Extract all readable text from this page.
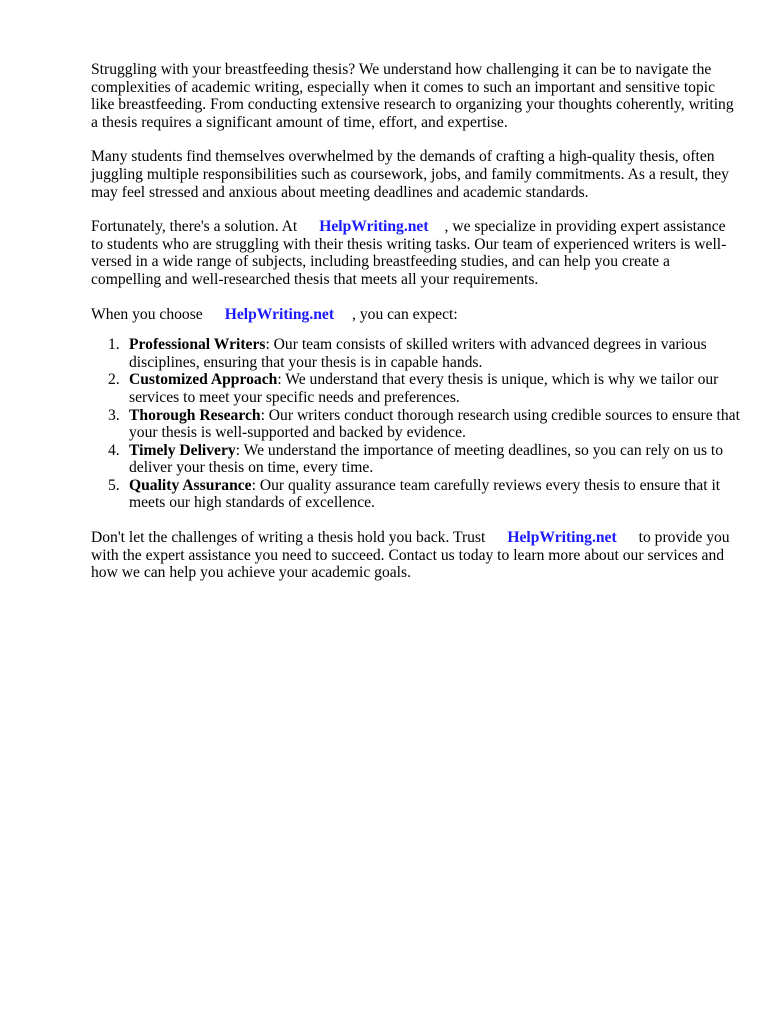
Struggling with your breastfeeding thesis? We understand how challenging it can be to navigate the complexities of academic writing, especially when it comes to such an important and sensitive topic like breastfeeding. From conducting extensive research to organizing your thoughts coherently, writing a thesis requires a significant amount of time, effort, and expertise.

Many students find themselves overwhelmed by the demands of crafting a high-quality thesis, often juggling multiple responsibilities such as coursework, jobs, and family commitments. As a result, they may feel stressed and anxious about meeting deadlines and academic standards.

Fortunately, there's a solution. At HelpWriting.net , we specialize in providing expert assistance to students who are struggling with their thesis writing tasks. Our team of experienced writers is well-versed in a wide range of subjects, including breastfeeding studies, and can help you create a compelling and well-researched thesis that meets all your requirements.

When you choose HelpWriting.net , you can expect:

1. Professional Writers: Our team consists of skilled writers with advanced degrees in various disciplines, ensuring that your thesis is in capable hands.
2. Customized Approach: We understand that every thesis is unique, which is why we tailor our services to meet your specific needs and preferences.
3. Thorough Research: Our writers conduct thorough research using credible sources to ensure that your thesis is well-supported and backed by evidence.
4. Timely Delivery: We understand the importance of meeting deadlines, so you can rely on us to deliver your thesis on time, every time.
5. Quality Assurance: Our quality assurance team carefully reviews every thesis to ensure that it meets our high standards of excellence.

Don't let the challenges of writing a thesis hold you back. Trust HelpWriting.net to provide you with the expert assistance you need to succeed. Contact us today to learn more about our services and how we can help you achieve your academic goals.
